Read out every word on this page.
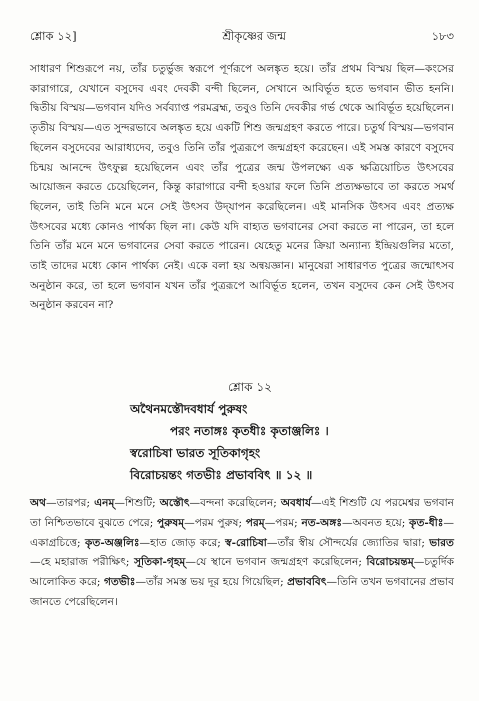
শ্লোক ১২]	শ্রীকৃষ্ণের জন্ম	১৮৩

সাধারণ শিশুরূপে নয়, তাঁর চতুর্ভুজ স্বরূপে পূর্ণরূপে অলঙ্কৃত হয়ে। তাঁর প্রথম বিস্ময় ছিল—কংসের কারাগারে, যেখানে বসুদেব এবং দেবকী বন্দী ছিলেন, সেখানে আবির্ভূত হতে ভগবান ভীত হননি। দ্বিতীয় বিস্ময়—ভগবান যদিও সর্বব্যাপ্ত পরমব্রহ্ম, তবুও তিনি দেবকীর গর্ভ থেকে আবির্ভূত হয়েছিলেন। তৃতীয় বিস্ময়—এত সুন্দরভাবে অলঙ্কৃত হয়ে একটি শিশু জন্মগ্রহণ করতে পারে। চতুর্থ বিস্ময়—ভগবান ছিলেন বসুদেবের আরাধ্যদেব, তবুও তিনি তাঁর পুত্ররূপে জন্মগ্রহণ করেছেন। এই সমস্ত কারণে বসুদেব চিন্ময় আনন্দে উৎফুল্ল হয়েছিলেন এবং তাঁর পুত্রের জন্ম উপলক্ষ্যে এক ক্ষত্রিয়োচিত উৎসবের আয়োজন করতে চেয়েছিলেন, কিন্তু কারাগারে বন্দী হওয়ার ফলে তিনি প্রত্যক্ষভাবে তা করতে সমর্থ ছিলেন, তাই তিনি মনে মনে সেই উৎসব উদ্‌যাপন করেছিলেন। এই মানসিক উৎসব এবং প্রত্যক্ষ উৎসবের মধ্যে কোনও পার্থক্য ছিল না। কেউ যদি বাহ্যত ভগবানের সেবা করতে না পারেন, তা হলে তিনি তাঁর মনে মনে ভগবানের সেবা করতে পারেন। যেহেতু মনের ক্রিয়া অন্যান্য ইন্দ্রিয়গুলির মতো, তাই তাদের মধ্যে কোন পার্থক্য নেই। একে বলা হয় অন্বয়জ্ঞান। মানুষেরা সাধারণত পুত্রের জন্মোৎসব অনুষ্ঠান করে, তা হলে ভগবান যখন তাঁর পুত্ররূপে আবির্ভূত হলেন, তখন বসুদেব কেন সেই উৎসব অনুষ্ঠান করবেন না?

শ্লোক ১২
অথৈনমস্তৌদবধার্য পুরুষং
পরং নতাঙ্গঃ কৃতধীঃ কৃতাঞ্জলিঃ ।
স্বরোচিষা ভারত সূতিকাগৃহং
বিরোচয়ন্তং গতভীঃ প্রভাববিৎ ॥ ১২ ॥
অথ—তারপর; এনম্—শিশুটি; অস্তৌৎ—বন্দনা করেছিলেন; অবধার্য—এই শিশুটি যে পরমেশ্বর ভগবান তা নিশ্চিতভাবে বুঝতে পেরে; পুরুষম্—পরম পুরুষ; পরম্—পরম; নত-অঙ্গঃ—অবনত হয়ে; কৃত-ধীঃ—একাগ্রচিত্তে; কৃত-অঞ্জলিঃ—হাত জোড় করে; স্ব-রোচিষা—তাঁর স্বীয় সৌন্দর্যের জ্যোতির দ্বারা; ভারত—হে মহারাজ পরীক্ষিৎ; সূতিকা-গৃহম্—যে স্থানে ভগবান জন্মগ্রহণ করেছিলেন; বিরোচয়ন্তম্—চতুর্দিক আলোকিত করে; গতভীঃ—তাঁর সমস্ত ভয় দূর হয়ে গিয়েছিল; প্রভাববিৎ—তিনি তখন ভগবানের প্রভাব জানতে পেরেছিলেন।
